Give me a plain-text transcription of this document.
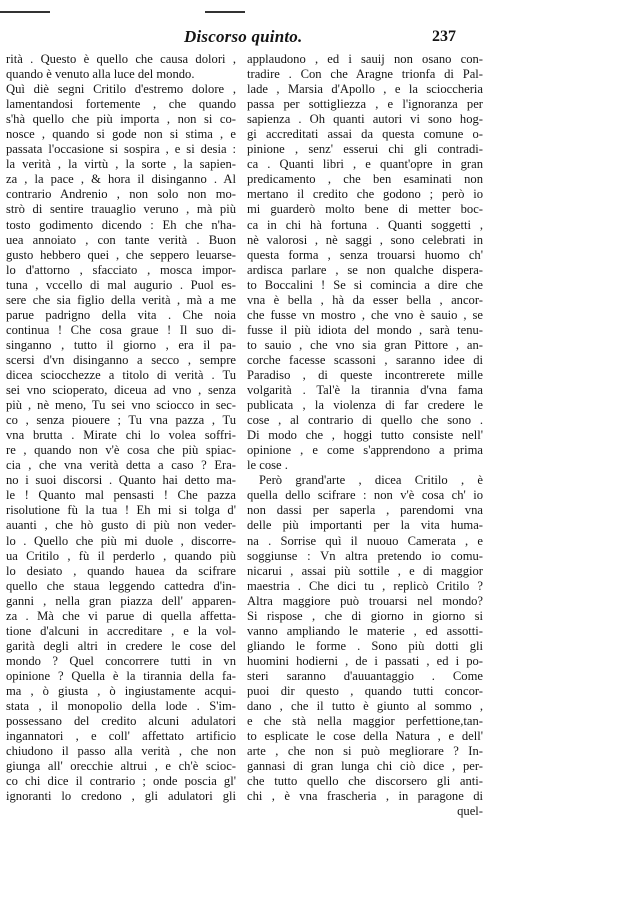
Discorso quinto.	237
rità . Questo è quello che causa dolori ,
quando è venuto alla luce del mondo.
Quì diè segni Critilo d'estremo dolore ,
lamentandosi fortemente , che quando
s'hà quello che più importa , non si co-
nosce , quando si gode non si stima , e
passata l'occasione si sospira , e si desia :
la verità , la virtù , la sorte , la sapien-
za , la pace , & hora il disinganno . Al
contrario Andrenio , non solo non mo-
strò di sentire trauaglio veruno , mà più
tosto godimento dicendo : Eh che n'ha-
uea annoiato , con tante verità . Buon
gusto hebbero quei , che seppero leuarse-
lo d'attorno , sfacciato , mosca impor-
tuna , vccello di mal augurio . Puol es-
sere che sia figlio della verità , mà a me
parue padrigno della vita . Che noia
continua ! Che cosa graue ! Il suo di-
singanno , tutto il giorno , era il pa-
scersi d'vn disinganno a secco , sempre
dicea sciocchezze a titolo di verità . Tu
sei vno scioperato, diceua ad vno , senza
più , nè meno, Tu sei vno sciocco in sec-
co , senza piouere ; Tu vna pazza , Tu
vna brutta . Mirate chi lo volea soffri-
re , quando non v'è cosa che più spiac-
cia , che vna verità detta a caso ? Era-
no i suoi discorsi . Quanto hai detto ma-
le ! Quanto mal pensasti ! Che pazza
risolutione fù la tua ! Eh mi si tolga d'
auanti , che hò gusto di più non veder-
lo . Quello che più mi duole , discorre-
ua Critilo , fù il perderlo , quando più
lo desiato , quando hauea da scifrare
quello che staua leggendo cattedra d'in-
ganni , nella gran piazza dell' apparen-
za . Mà che vi parue di quella affetta-
tione d'alcuni in accreditare , e la vol-
garità degli altri in credere le cose del
mondo ? Quel concorrere tutti in vn
opinione ? Quella è la tirannia della fa-
ma , ò giusta , ò ingiustamente acqui-
stata , il monopolio della lode . S'im-
possessano del credito alcuni adulatori
ingannatori , e coll' affettato artificio
chiudono il passo alla verità , che non
giunga all' orecchie altrui , e ch'è scioc-
co chi dice il contrario ; onde poscia gl'
ignoranti lo credono , gli adulatori gli
applaudono , ed i sauij non osano con-
tradire . Con che Aragne trionfa di Pal-
lade , Marsia d'Apollo , e la scioccheria
passa per sottigliezza , e l'ignoranza per
sapienza . Oh quanti autori vi sono hog-
gi accreditati assai da questa comune o-
pinione , senz' esserui chi gli contradi-
ca . Quanti libri , e quant'opre in gran
predicamento , che ben esaminati non
mertano il credito che godono ; però io
mi guarderò molto bene di metter boc-
ca in chi hà fortuna . Quanti soggetti ,
nè valorosi , nè saggi , sono celebrati in
questa forma , senza trouarsi huomo ch'
ardisca parlare , se non qualche dispera-
to Boccalini ! Se si comincia a dire che
vna è bella , hà da esser bella , ancor-
che fusse vn mostro , che vno è sauio , se
fusse il più idiota del mondo , sarà tenu-
to sauio , che vno sia gran Pittore , an-
corche facesse scassoni , saranno idee di
Paradiso , di queste incontrerete mille
volgarità . Tal'è la tirannia d'vna fama
publicata , la violenza di far credere le
cose , al contrario di quello che sono .
Di modo che , hoggi tutto consiste nell'
opinione , e come s'apprendono a prima
le cose .
Però grand'arte , dicea Critilo , è
quella dello scifrare : non v'è cosa ch' io
non dassi per saperla , parendomi vna
delle più importanti per la vita huma-
na . Sorrise quì il nuouo Camerata , e
soggiunse : Vn altra pretendo io comu-
nicarui , assai più sottile , e di maggior
maestria . Che dici tu , replicò Critilo ?
Altra maggiore può trouarsi nel mondo?
Si rispose , che di giorno in giorno si
vanno ampliando le materie , ed assotti-
gliando le forme . Sono più dotti gli
huomini hodierni , de i passati , ed i po-
steri saranno d'auuantaggio . Come
puoi dir questo , quando tutti concor-
dano , che il tutto è giunto al sommo ,
e che stà nella maggior perfettione,tan-
to esplicate le cose della Natura , e dell'
arte , che non si può megliorare ? In-
gannasi di gran lunga chi ciò dice , per-
che tutto quello che discorsero gli anti-
chi , è vna frascheria , in paragone di
quel-
